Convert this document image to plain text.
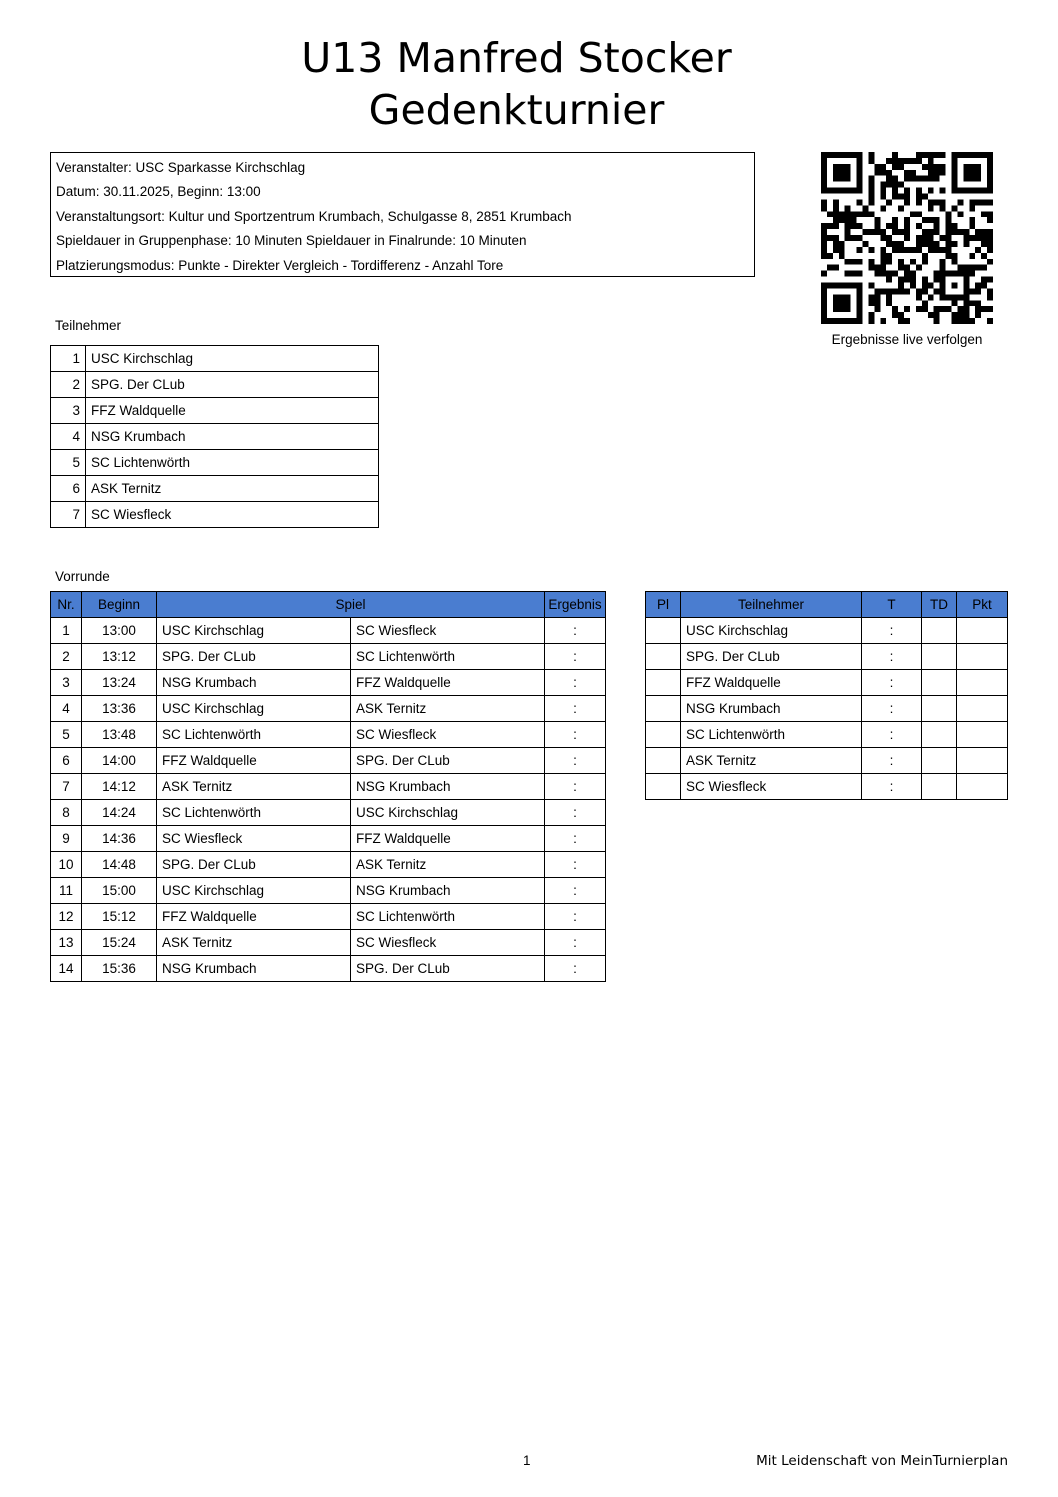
U13 Manfred Stocker
Gedenkturnier
Veranstalter: USC Sparkasse Kirchschlag
Datum: 30.11.2025, Beginn: 13:00
Veranstaltungsort: Kultur und Sportzentrum Krumbach, Schulgasse 8, 2851 Krumbach
Spieldauer in Gruppenphase: 10 Minuten Spieldauer in Finalrunde: 10 Minuten
Platzierungsmodus: Punkte - Direkter Vergleich - Tordifferenz - Anzahl Tore
Ergebnisse live verfolgen
Teilnehmer
1	USC Kirchschlag
2	SPG. Der CLub
3	FFZ Waldquelle
4	NSG Krumbach
5	SC Lichtenwörth
6	ASK Ternitz
7	SC Wiesfleck
Vorrunde
Nr.	Beginn	Spiel		Ergebnis
1	13:00	USC Kirchschlag	SC Wiesfleck	:
2	13:12	SPG. Der CLub	SC Lichtenwörth	:
3	13:24	NSG Krumbach	FFZ Waldquelle	:
4	13:36	USC Kirchschlag	ASK Ternitz	:
5	13:48	SC Lichtenwörth	SC Wiesfleck	:
6	14:00	FFZ Waldquelle	SPG. Der CLub	:
7	14:12	ASK Ternitz	NSG Krumbach	:
8	14:24	SC Lichtenwörth	USC Kirchschlag	:
9	14:36	SC Wiesfleck	FFZ Waldquelle	:
10	14:48	SPG. Der CLub	ASK Ternitz	:
11	15:00	USC Kirchschlag	NSG Krumbach	:
12	15:12	FFZ Waldquelle	SC Lichtenwörth	:
13	15:24	ASK Ternitz	SC Wiesfleck	:
14	15:36	NSG Krumbach	SPG. Der CLub	:
Pl	Teilnehmer	T	TD	Pkt
	USC Kirchschlag	:		
	SPG. Der CLub	:		
	FFZ Waldquelle	:		
	NSG Krumbach	:		
	SC Lichtenwörth	:		
	ASK Ternitz	:		
	SC Wiesfleck	:		
1	Mit Leidenschaft von MeinTurnierplan
